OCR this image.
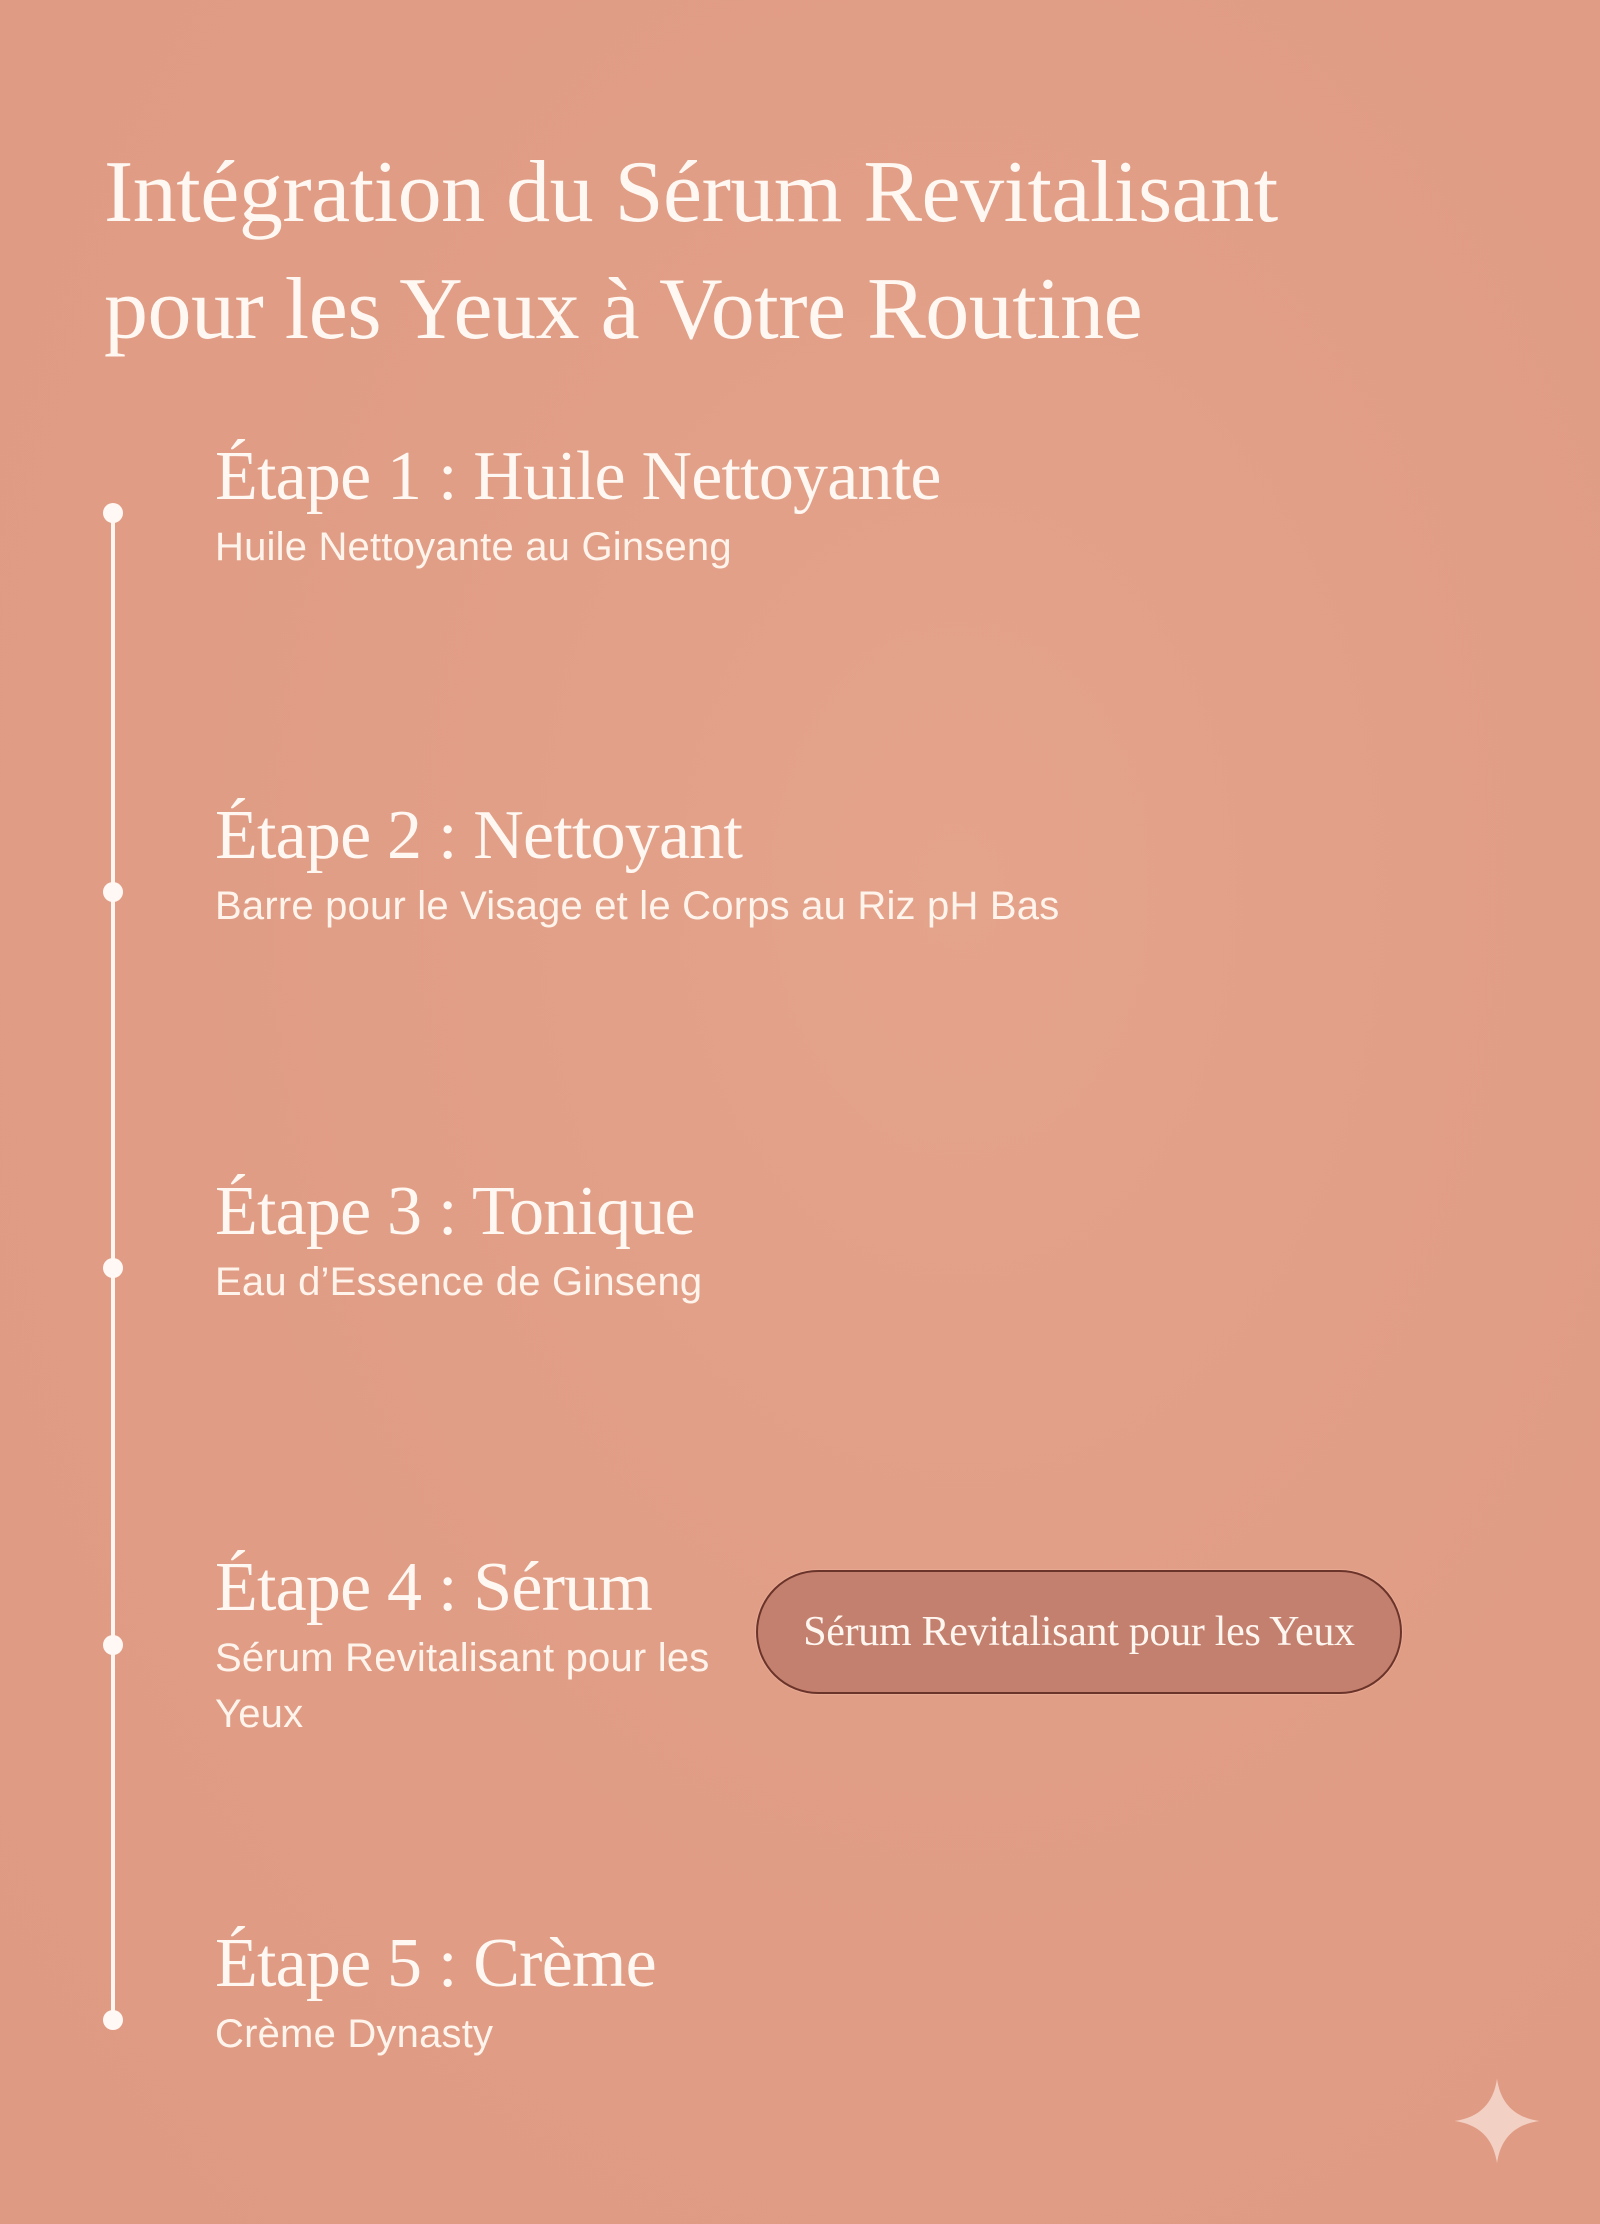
Intégration du Sérum Revitalisant
pour les Yeux à Votre Routine
Étape 1 : Huile Nettoyante
Huile Nettoyante au Ginseng
Étape 2 : Nettoyant
Barre pour le Visage et le Corps au Riz pH Bas
Étape 3 : Tonique
Eau d’Essence de Ginseng
Étape 4 : Sérum
Sérum Revitalisant pour les Yeux
Étape 5 : Crème
Crème Dynasty
Sérum Revitalisant pour les Yeux
